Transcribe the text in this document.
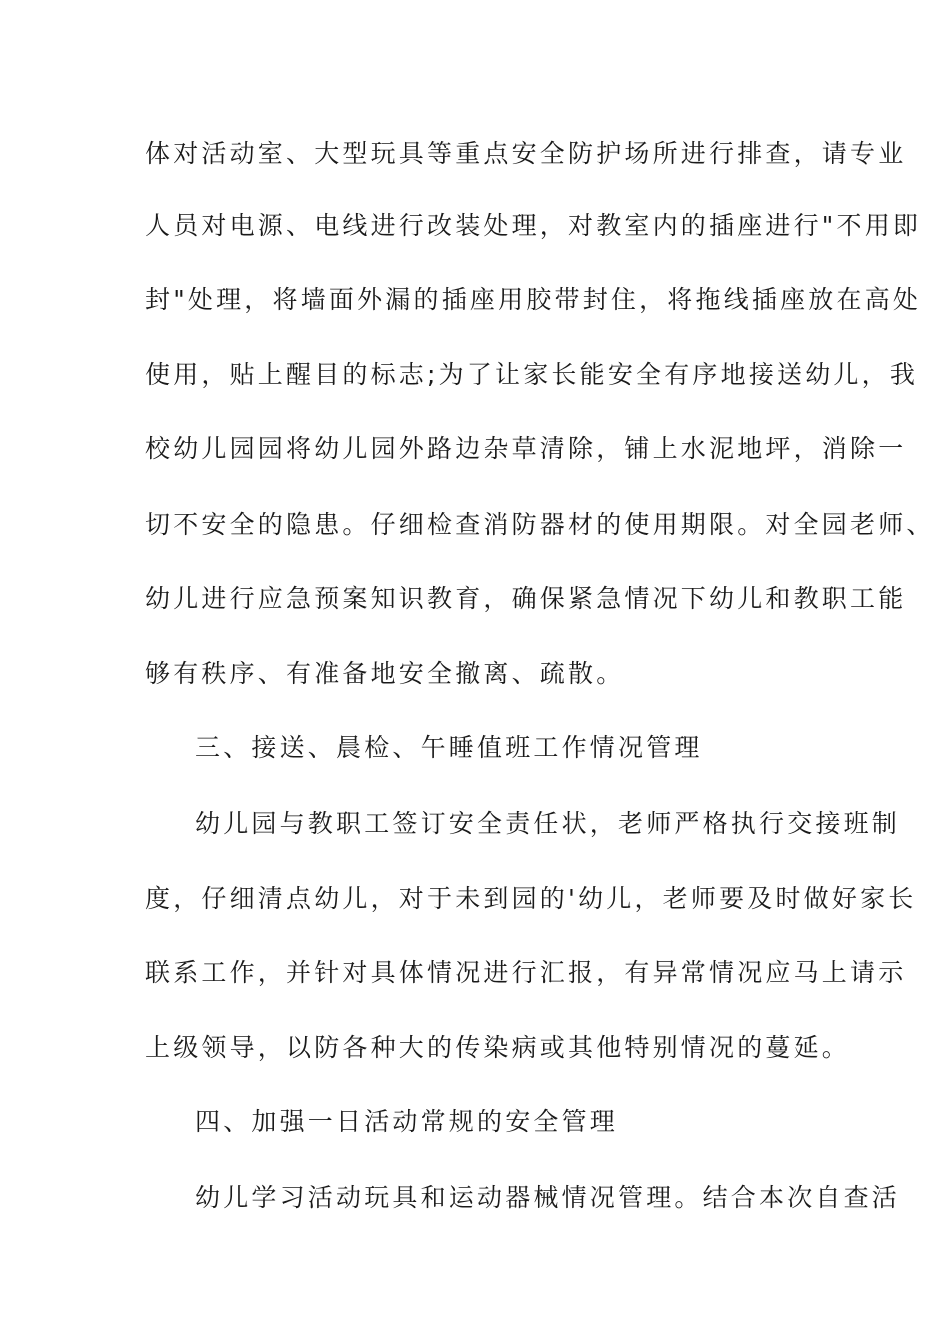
体对活动室、大型玩具等重点安全防护场所进行排查，请专业
人员对电源、电线进行改装处理，对教室内的插座进行"不用即
封"处理，将墙面外漏的插座用胶带封住，将拖线插座放在高处
使用，贴上醒目的标志;为了让家长能安全有序地接送幼儿，我
校幼儿园园将幼儿园外路边杂草清除，铺上水泥地坪，消除一
切不安全的隐患。仔细检查消防器材的使用期限。对全园老师、
幼儿进行应急预案知识教育，确保紧急情况下幼儿和教职工能
够有秩序、有准备地安全撤离、疏散。
三、接送、晨检、午睡值班工作情况管理
幼儿园与教职工签订安全责任状，老师严格执行交接班制
度，仔细清点幼儿，对于未到园的'幼儿，老师要及时做好家长
联系工作，并针对具体情况进行汇报，有异常情况应马上请示
上级领导，以防各种大的传染病或其他特别情况的蔓延。
四、加强一日活动常规的安全管理
幼儿学习活动玩具和运动器械情况管理。结合本次自查活
